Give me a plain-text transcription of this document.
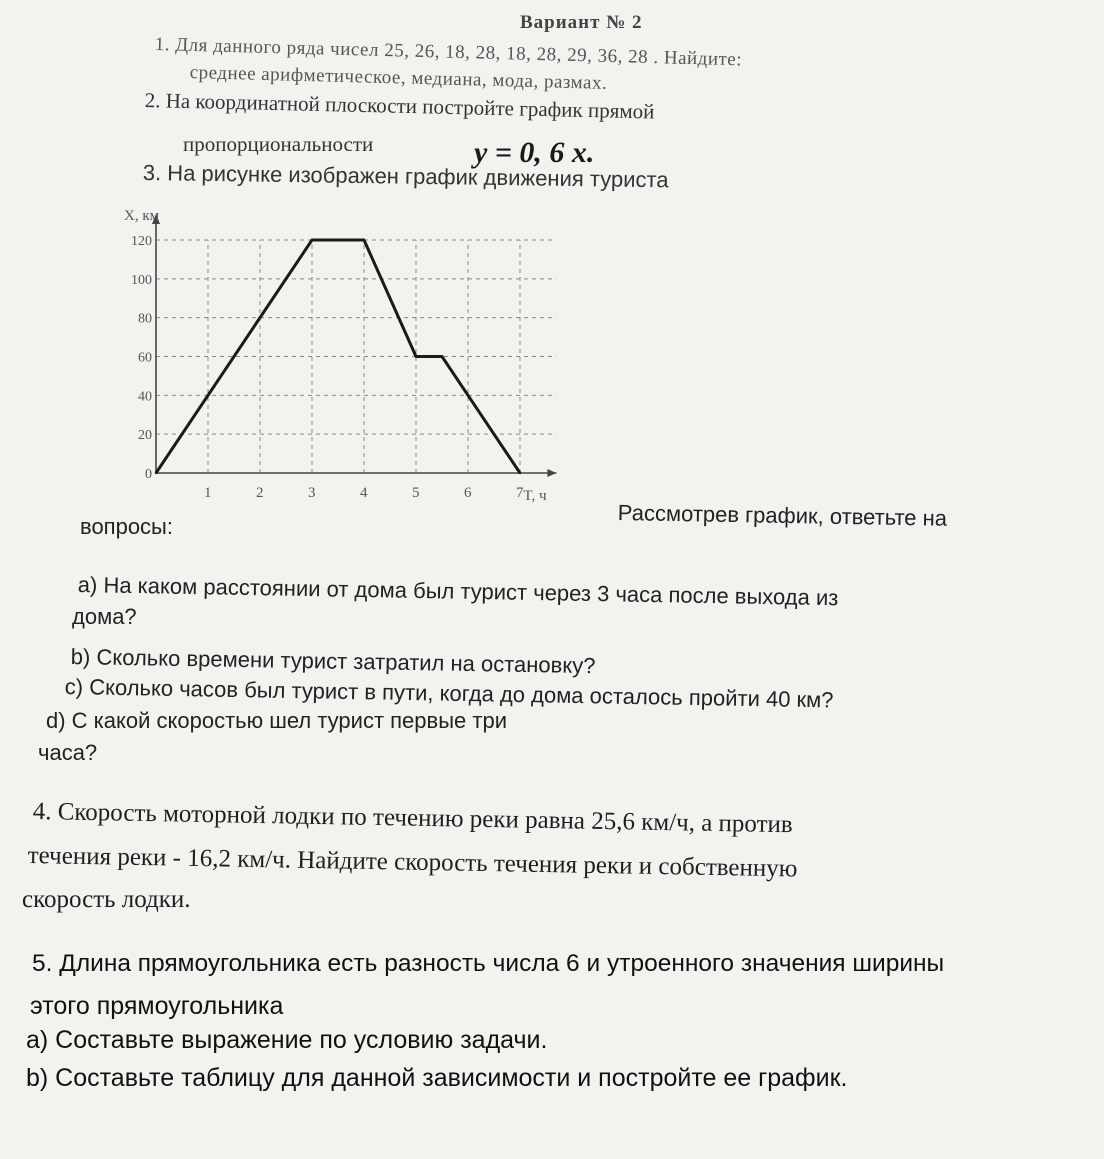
Вариант № 2
1. Для данного ряда чисел 25, 26, 18, 28, 18, 28, 29, 36, 28 . Найдите:
среднее арифметическое, медиана, мода, размах.
2. На координатной плоскости постройте график прямой
пропорциональности	y = 0, 6 x.
3. На рисунке изображен график движения туриста
T, ч
X, км
1	2	3	4	5	6	7
0
20
40
60
80
100
120
Рассмотрев график, ответьте на
вопросы:
а) На каком расстоянии от дома был турист через 3 часа после выхода из
дома?
b) Сколько времени турист затратил на остановку?
с) Сколько часов был турист в пути, когда до дома осталось пройти 40 км?
d) С какой скоростью шел турист первые три
часа?
4. Скорость моторной лодки по течению реки равна 25,6 км/ч, а против
течения реки - 16,2 км/ч. Найдите скорость течения реки и собственную
скорость лодки.
5. Длина прямоугольника есть разность числа 6 и утроенного значения ширины
этого прямоугольника
a) Составьте выражение по условию задачи.
b) Составьте таблицу для данной зависимости и постройте ее график.
